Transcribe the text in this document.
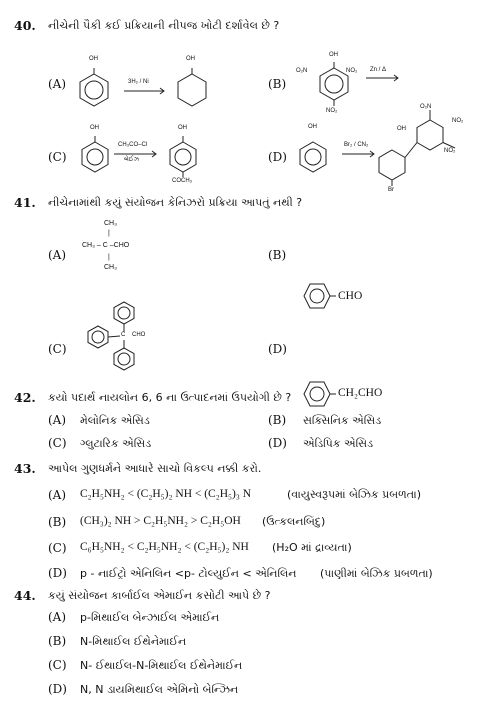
40. નીચેની પૈકી કઈ પ્રક્રિયાની નીપજ ખોટી દર્શાવેલ છે ?
(A)
OH
3H₂ / Ni
OH
(B)
OH
O₂N	NO₂
NO₂
Zn / Δ
(C)
OH
CH₃CO–Cl
બેઈઝ
OH
COCH₃
(D)
OH
Br₂ / CN₂
O₂N
OH
NO₂
NO₂
Br
41. નીચેનામાંથી કયું સંયોજન કેનિઝરો પ્રક્રિયા આપતું નથી ?
(A)
CH₃
|
CH₃ – C –CHO
|
CH₃
(B)
CHO
(C)
C CHO
(D)
CH₂CHO
42. કયો પદાર્થ નાયલોન 6, 6 ના ઉત્પાદનમાં ઉપયોગી છે ?
(A) મેલોનિક એસિડ	(B) સક્સિનિક એસિડ
(C) ગ્લુટારિક એસિડ	(D) એડિપિક એસિડ
43. આપેલ ગુણધર્મને આધારે સાચો વિકલ્પ નક્કી કરો.
(A) C₂H₅NH₂ < (C₂H₅)₂ NH < (C₂H₅)₃ N	(વાયુસ્વરૂપમાં બેઝિક પ્રબળતા)
(B) (CH₃)₂ NH > C₂H₅NH₂ > C₂H₅OH (ઉત્કલનબિંદુ)
(C) C₆H₅NH₂ < C₂H₅NH₂ < (C₂H₅)₂ NH (H₂O માં દ્રાવ્યતા)
(D) p - નાઈટ્રો એનિલિન <p- ટોલ્યુઈન < એનિલિન (પાણીમાં બેઝિક પ્રબળતા)
44. કયું સંયોજન કાર્બાઈલ એમાઈન કસોટી આપે છે ?
(A) p-મિથાઈલ બેન્ઝાઈલ એમાઈન
(B) N-મિથાઈલ ઈથેનેમાઈન
(C) N- ઈથાઈલ-N-મિથાઈલ ઈથેનેમાઈન
(D) N, N ડાયમિથાઈલ એમિનો બેન્ઝિન
